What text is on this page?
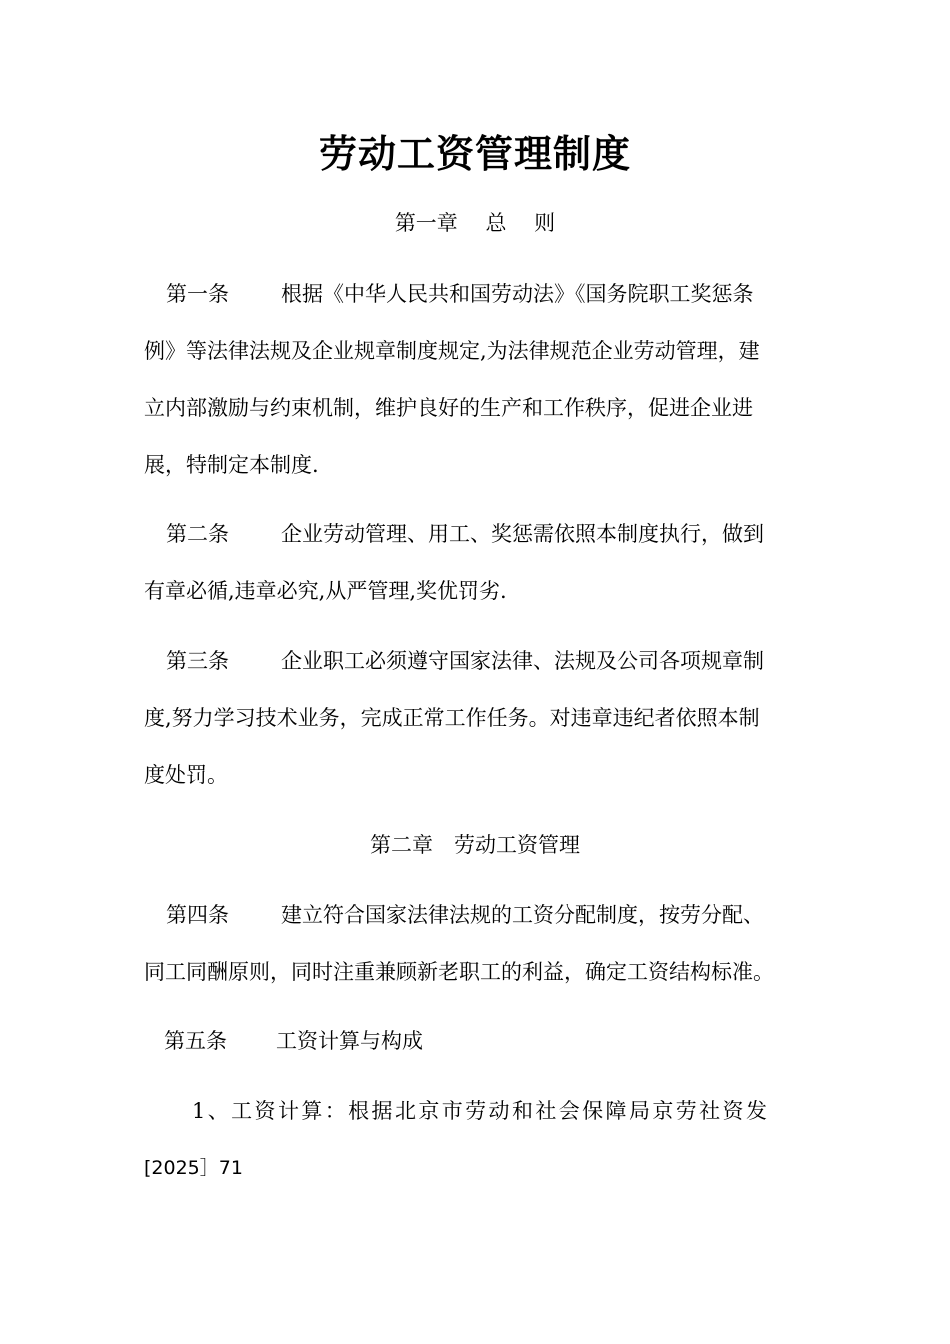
劳动工资管理制度
第一章　 总　 则
第一条 根据《中华人民共和国劳动法》《国务院职工奖惩条
例》等法律法规及企业规章制度规定,为法律规范企业劳动管理，建
立内部激励与约束机制，维护良好的生产和工作秩序，促进企业进
展，特制定本制度.
第二条 企业劳动管理、用工、奖惩需依照本制度执行，做到
有章必循,违章必究,从严管理,奖优罚劣.
第三条 企业职工必须遵守国家法律、法规及公司各项规章制
度,努力学习技术业务，完成正常工作任务。对违章违纪者依照本制
度处罚。
第二章　劳动工资管理
第四条 建立符合国家法律法规的工资分配制度，按劳分配、
同工同酬原则，同时注重兼顾新老职工的利益，确定工资结构标准。
第五条 工资计算与构成
1、工资计算：根据北京市劳动和社会保障局京劳社资发
[2025］71
